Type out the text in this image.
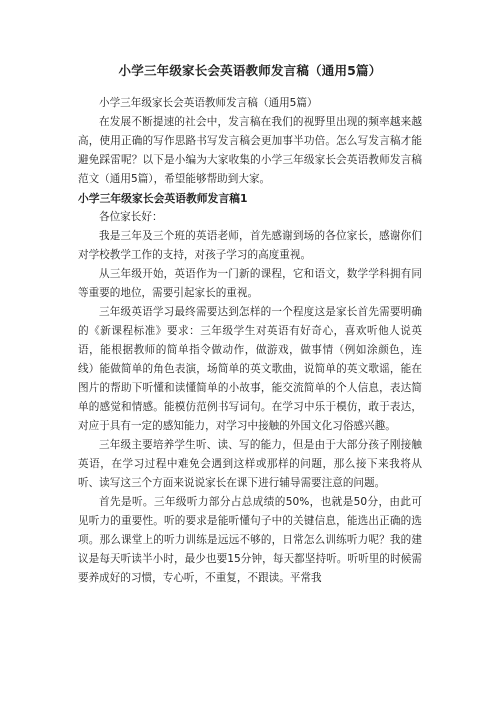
小学三年级家长会英语教师发言稿（通用5篇）

小学三年级家长会英语教师发言稿（通用5篇）

在发展不断提速的社会中，发言稿在我们的视野里出现的频率越来越高，使用正确的写作思路书写发言稿会更加事半功倍。怎么写发言稿才能避免踩雷呢？以下是小编为大家收集的小学三年级家长会英语教师发言稿范文（通用5篇），希望能够帮助到大家。

小学三年级家长会英语教师发言稿1

各位家长好：

我是三年及三个班的英语老师，首先感谢到场的各位家长，感谢你们对学校教学工作的支持，对孩子学习的高度重视。

从三年级开始，英语作为一门新的课程，它和语文，数学学科拥有同等重要的地位，需要引起家长的重视。

三年级英语学习最终需要达到怎样的一个程度这是家长首先需要明确的《新课程标准》要求：三年级学生对英语有好奇心，喜欢听他人说英语，能根据教师的简单指令做动作，做游戏，做事情（例如涂颜色，连线）能做简单的角色表演，场简单的英文歌曲，说简单的英文歌谣，能在图片的帮助下听懂和读懂简单的小故事，能交流简单的个人信息，表达简单的感觉和情感。能模仿范例书写词句。在学习中乐于模仿，敢于表达，对应于具有一定的感知能力，对学习中接触的外国文化习俗感兴趣。

三年级主要培养学生听、读、写的能力，但是由于大部分孩子刚接触英语，在学习过程中难免会遇到这样或那样的问题，那么接下来我将从听、读写这三个方面来说说家长在课下进行辅导需要注意的问题。

首先是听。三年级听力部分占总成绩的50%，也就是50分，由此可见听力的重要性。听的要求是能听懂句子中的关键信息，能选出正确的选项。那么课堂上的听力训练是远远不够的，日常怎么训练听力呢？我的建议是每天听读半小时，最少也要15分钟，每天都坚持听。听听里的时候需要养成好的习惯，专心听，不重复，不跟读。平常我
